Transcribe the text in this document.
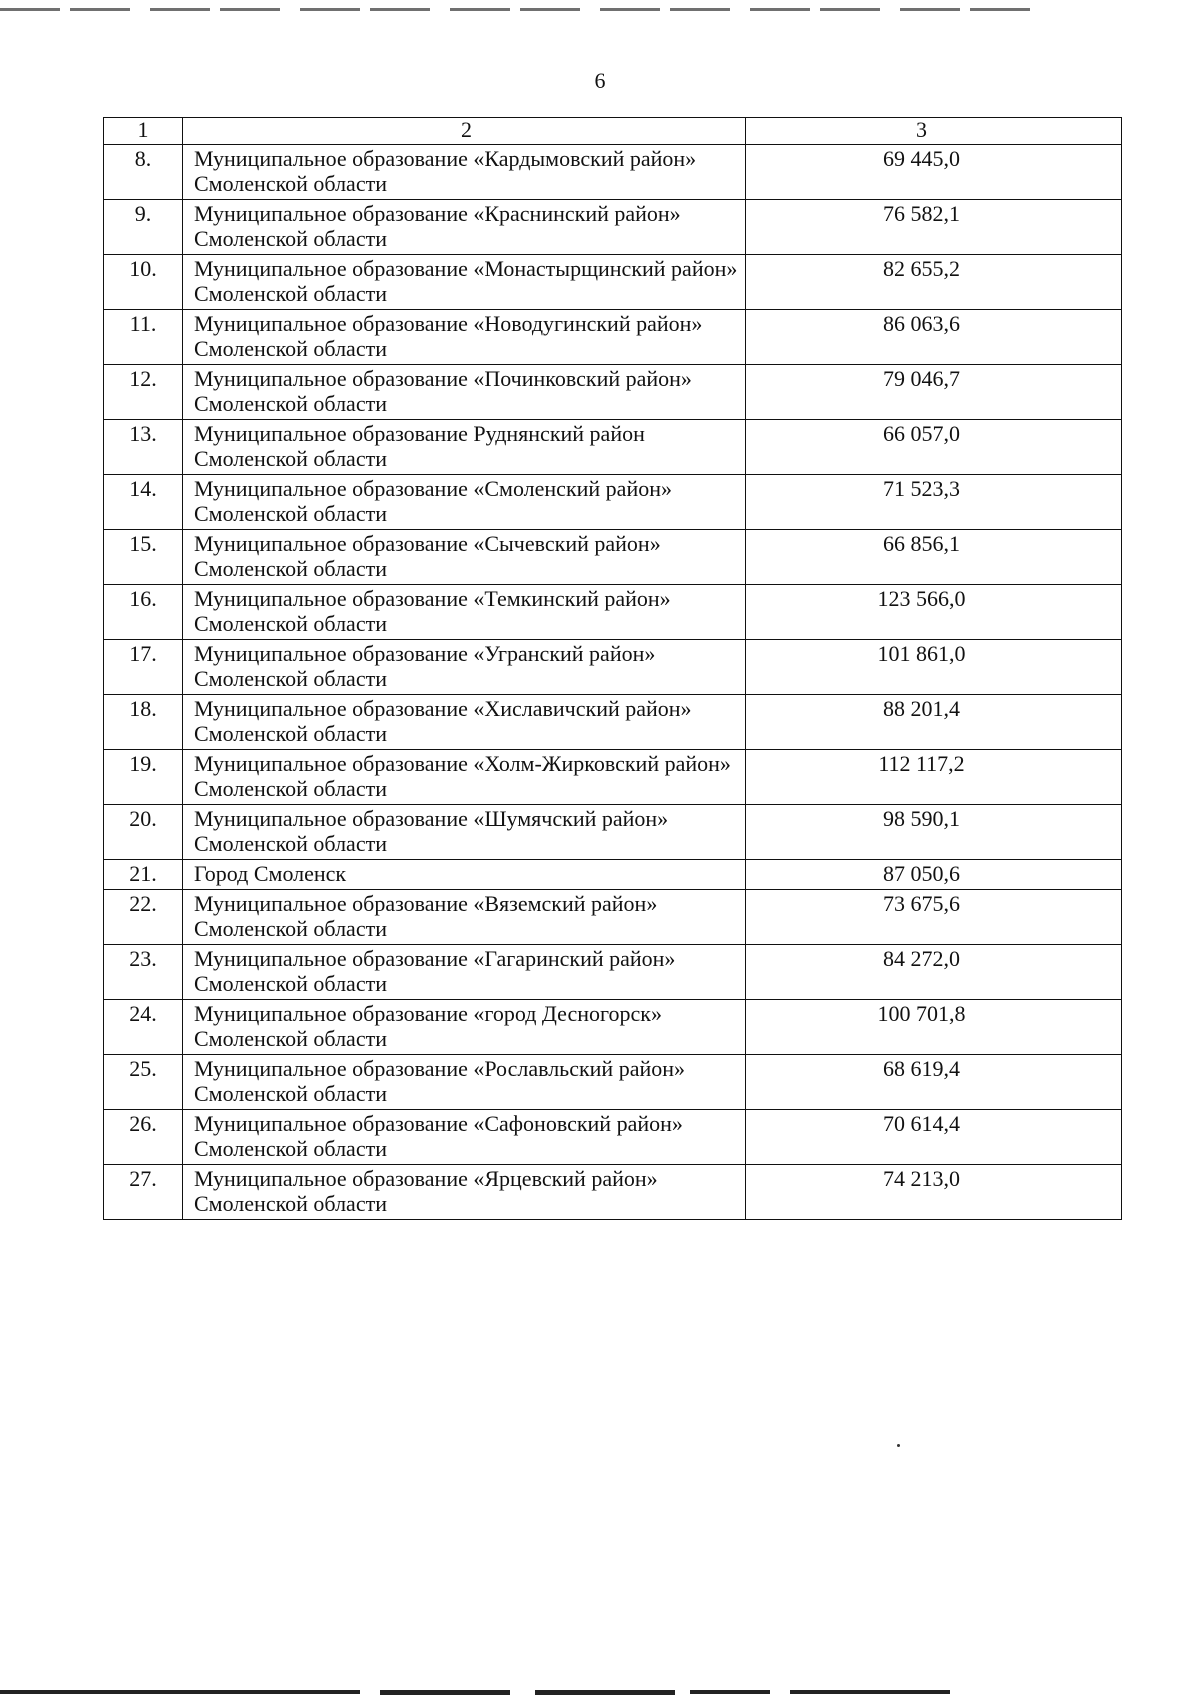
6
1	2	3
8.	Муниципальное образование «Кардымовский район» Смоленской области	69 445,0
9.	Муниципальное образование «Краснинский район» Смоленской области	76 582,1
10.	Муниципальное образование «Монастырщинский район» Смоленской области	82 655,2
11.	Муниципальное образование «Новодугинский район» Смоленской области	86 063,6
12.	Муниципальное образование «Починковский район» Смоленской области	79 046,7
13.	Муниципальное образование Руднянский район Смоленской области	66 057,0
14.	Муниципальное образование «Смоленский район» Смоленской области	71 523,3
15.	Муниципальное образование «Сычевский район» Смоленской области	66 856,1
16.	Муниципальное образование «Темкинский район» Смоленской области	123 566,0
17.	Муниципальное образование «Угранский район» Смоленской области	101 861,0
18.	Муниципальное образование «Хиславичский район» Смоленской области	88 201,4
19.	Муниципальное образование «Холм-Жирковский район» Смоленской области	112 117,2
20.	Муниципальное образование «Шумячский район» Смоленской области	98 590,1
21.	Город Смоленск	87 050,6
22.	Муниципальное образование «Вяземский район» Смоленской области	73 675,6
23.	Муниципальное образование «Гагаринский район» Смоленской области	84 272,0
24.	Муниципальное образование «город Десногорск» Смоленской области	100 701,8
25.	Муниципальное образование «Рославльский район» Смоленской области	68 619,4
26.	Муниципальное образование «Сафоновский район» Смоленской области	70 614,4
27.	Муниципальное образование «Ярцевский район» Смоленской области	74 213,0
